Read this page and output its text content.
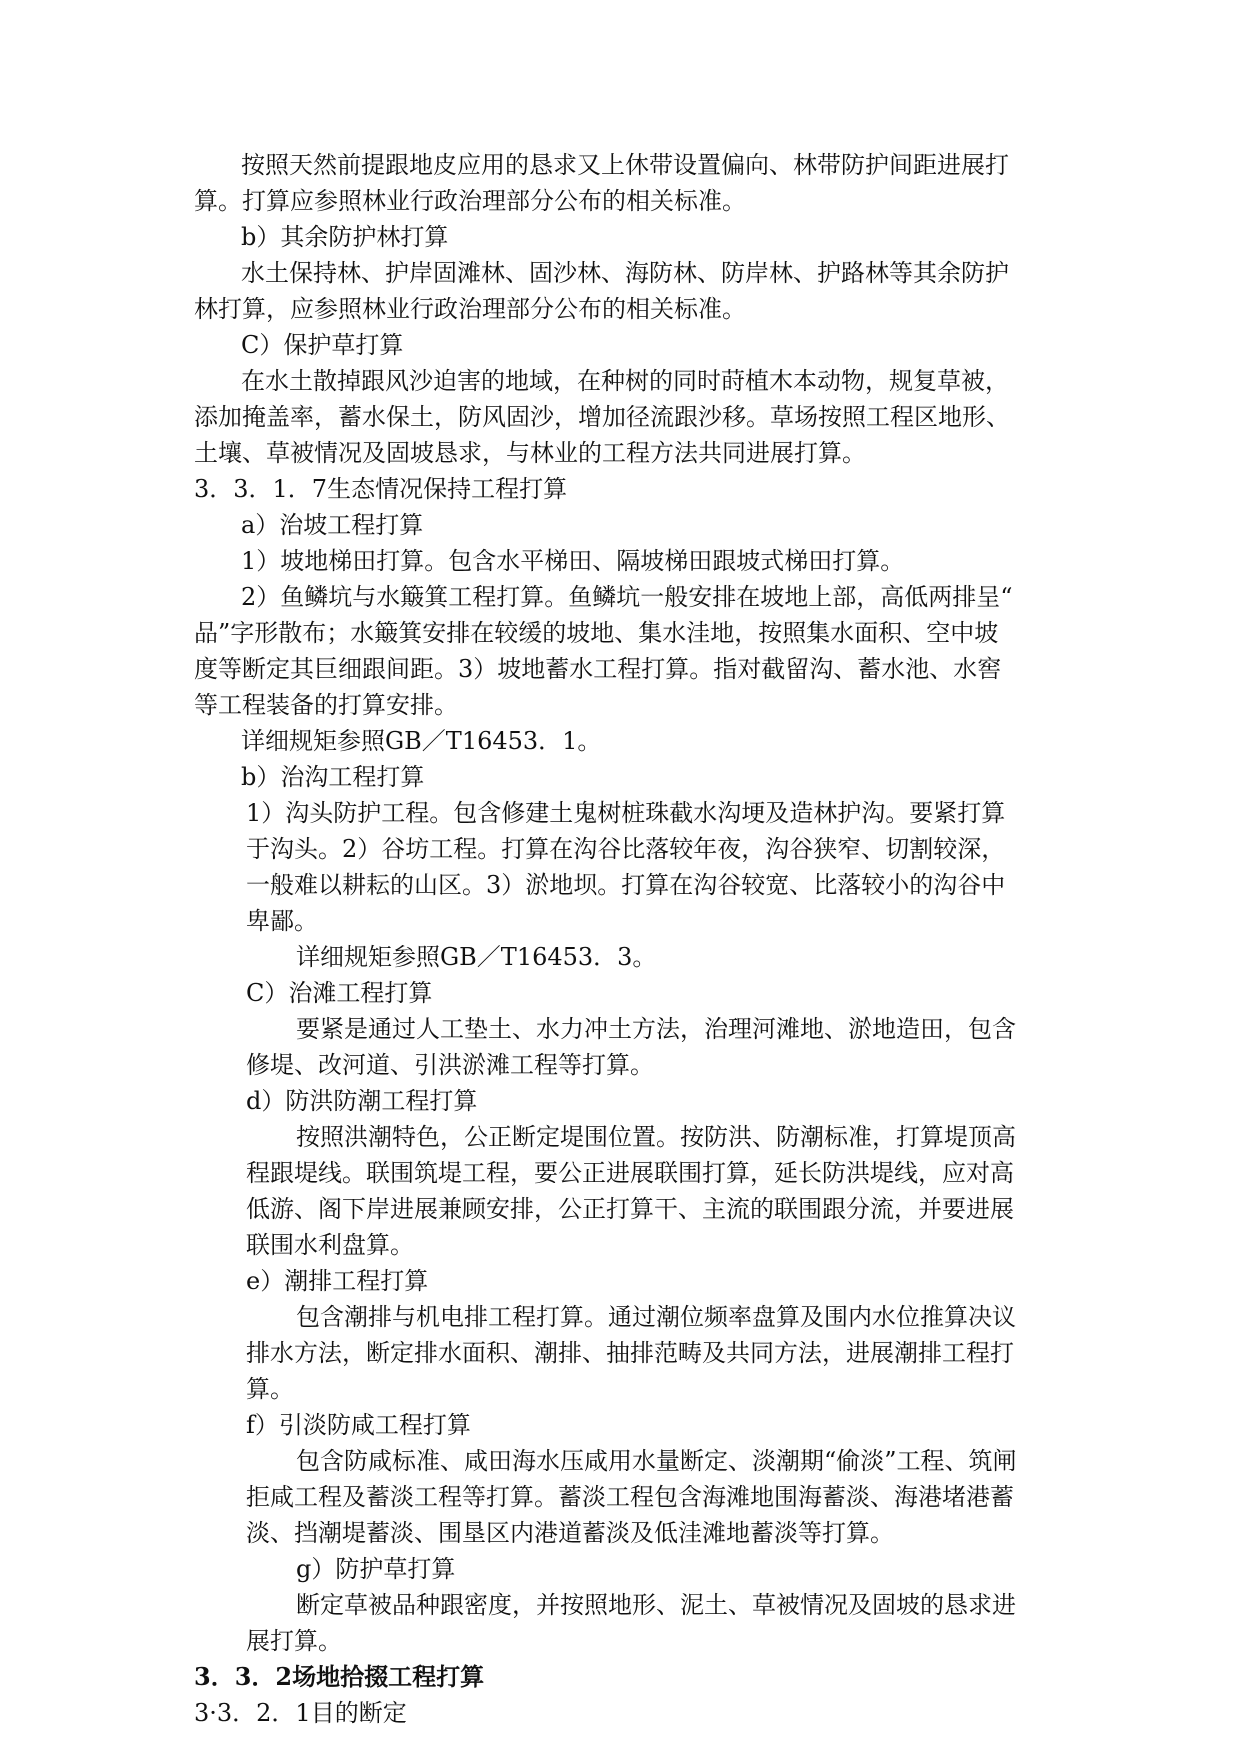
按照天然前提跟地皮应用的恳求又上休带设置偏向、林带防护间距进展打

算。打算应参照林业行政治理部分公布的相关标准。

b）其余防护林打算

水土保持林、护岸固滩林、固沙林、海防林、防岸林、护路林等其余防护

林打算，应参照林业行政治理部分公布的相关标准。

C）保护草打算

在水土散掉跟风沙迫害的地域，在种树的同时莳植木本动物，规复草被，

添加掩盖率，蓄水保土，防风固沙，增加径流跟沙移。草场按照工程区地形、

土壤、草被情况及固坡恳求，与林业的工程方法共同进展打算。

3．3．1．7生态情况保持工程打算

a）治坡工程打算

1）坡地梯田打算。包含水平梯田、隔坡梯田跟坡式梯田打算。

2）鱼鳞坑与水簸箕工程打算。鱼鳞坑一般安排在坡地上部，高低两排呈“

品”字形散布；水簸箕安排在较缓的坡地、集水洼地，按照集水面积、空中坡

度等断定其巨细跟间距。3）坡地蓄水工程打算。指对截留沟、蓄水池、水窖

等工程装备的打算安排。

详细规矩参照GB／T16453．1。

b）治沟工程打算

1）沟头防护工程。包含修建土鬼树桩珠截水沟埂及造林护沟。要紧打算

于沟头。2）谷坊工程。打算在沟谷比落较年夜，沟谷狭窄、切割较深，

一般难以耕耘的山区。3）淤地坝。打算在沟谷较宽、比落较小的沟谷中

卑鄙。

详细规矩参照GB／T16453．3。

C）治滩工程打算

要紧是通过人工垫土、水力冲土方法，治理河滩地、淤地造田，包含

修堤、改河道、引洪淤滩工程等打算。

d）防洪防潮工程打算

按照洪潮特色，公正断定堤围位置。按防洪、防潮标准，打算堤顶高

程跟堤线。联围筑堤工程，要公正进展联围打算，延长防洪堤线，应对高

低游、阁下岸进展兼顾安排，公正打算干、主流的联围跟分流，并要进展

联围水利盘算。

e）潮排工程打算

包含潮排与机电排工程打算。通过潮位频率盘算及围内水位推算决议

排水方法，断定排水面积、潮排、抽排范畴及共同方法，进展潮排工程打

算。

f）引淡防咸工程打算

包含防咸标准、咸田海水压咸用水量断定、淡潮期“偷淡”工程、筑闸

拒咸工程及蓄淡工程等打算。蓄淡工程包含海滩地围海蓄淡、海港堵港蓄

淡、挡潮堤蓄淡、围垦区内港道蓄淡及低洼滩地蓄淡等打算。

g）防护草打算

断定草被品种跟密度，并按照地形、泥土、草被情况及固坡的恳求进

展打算。

3．3．2场地拾掇工程打算

3·3．2．1目的断定
